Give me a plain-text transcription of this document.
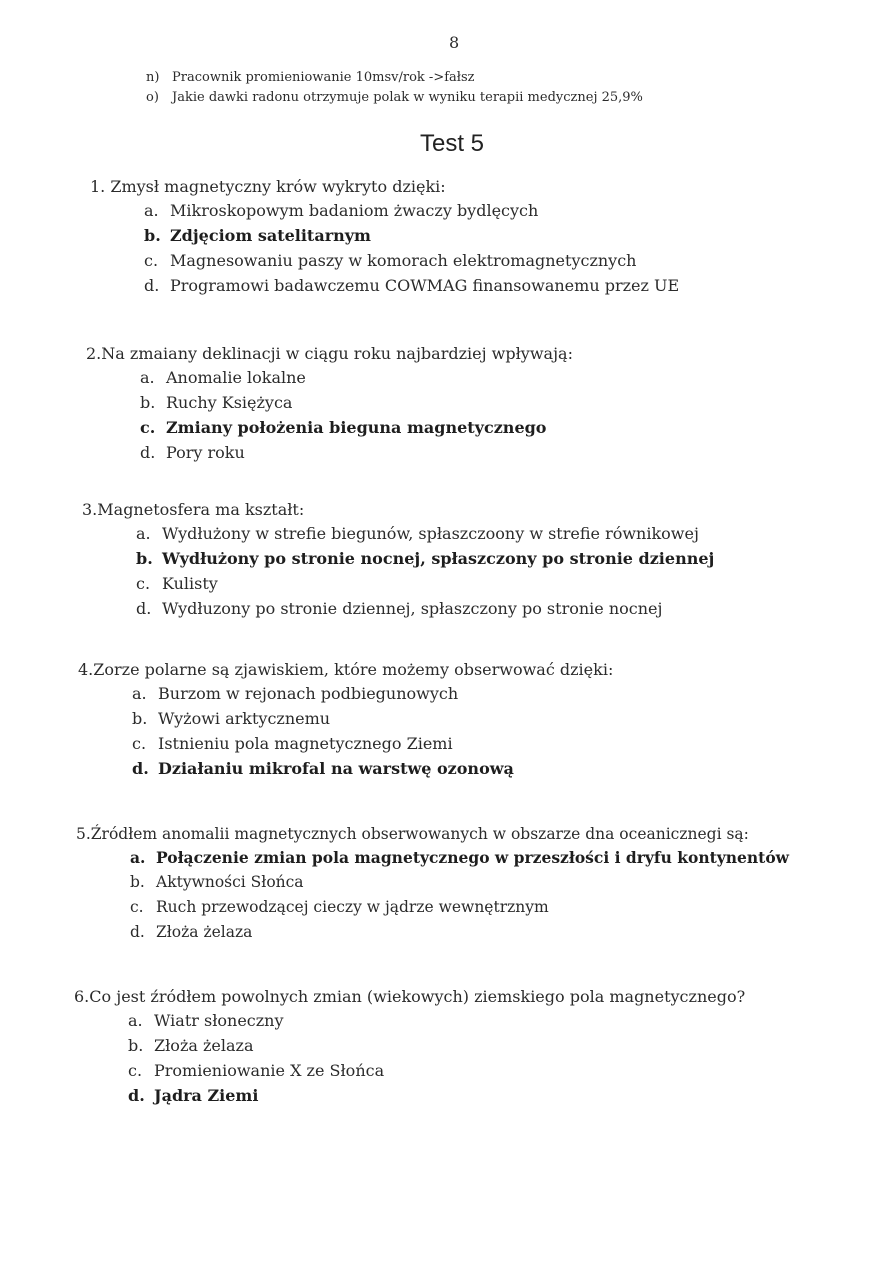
8
n) Pracownik promieniowanie 10msv/rok ->fałsz
o) Jakie dawki radonu otrzymuje polak w wyniku terapii medycznej 25,9%
Test 5
1. Zmysł magnetyczny krów wykryto dzięki:
a. Mikroskopowym badaniom żwaczy bydlęcych
b. Zdjęciom satelitarnym
c. Magnesowaniu paszy w komorach elektromagnetycznych
d. Programowi badawczemu COWMAG finansowanemu przez UE
2.Na zmaiany deklinacji w ciągu roku najbardziej wpływają:
a. Anomalie lokalne
b. Ruchy Księżyca
c. Zmiany położenia bieguna magnetycznego
d. Pory roku
3.Magnetosfera ma kształt:
a. Wydłużony w strefie biegunów, spłaszczoony w strefie równikowej
b. Wydłużony po stronie nocnej, spłaszczony po stronie dziennej
c. Kulisty
d. Wydłuzony po stronie dziennej, spłaszczony po stronie nocnej
4.Zorze polarne są zjawiskiem, które możemy obserwować dzięki:
a. Burzom w rejonach podbiegunowych
b. Wyżowi arktycznemu
c. Istnieniu pola magnetycznego Ziemi
d. Działaniu mikrofal na warstwę ozonową
5.Źródłem anomalii magnetycznych obserwowanych w obszarze dna oceanicznegi są:
a. Połączenie zmian pola magnetycznego w przeszłości i dryfu kontynentów
b. Aktywności Słońca
c. Ruch przewodzącej cieczy w jądrze wewnętrznym
d. Złoża żelaza
6.Co jest źródłem powolnych zmian (wiekowych) ziemskiego pola magnetycznego?
a. Wiatr słoneczny
b. Złoża żelaza
c. Promieniowanie X ze Słońca
d. Jądra Ziemi
